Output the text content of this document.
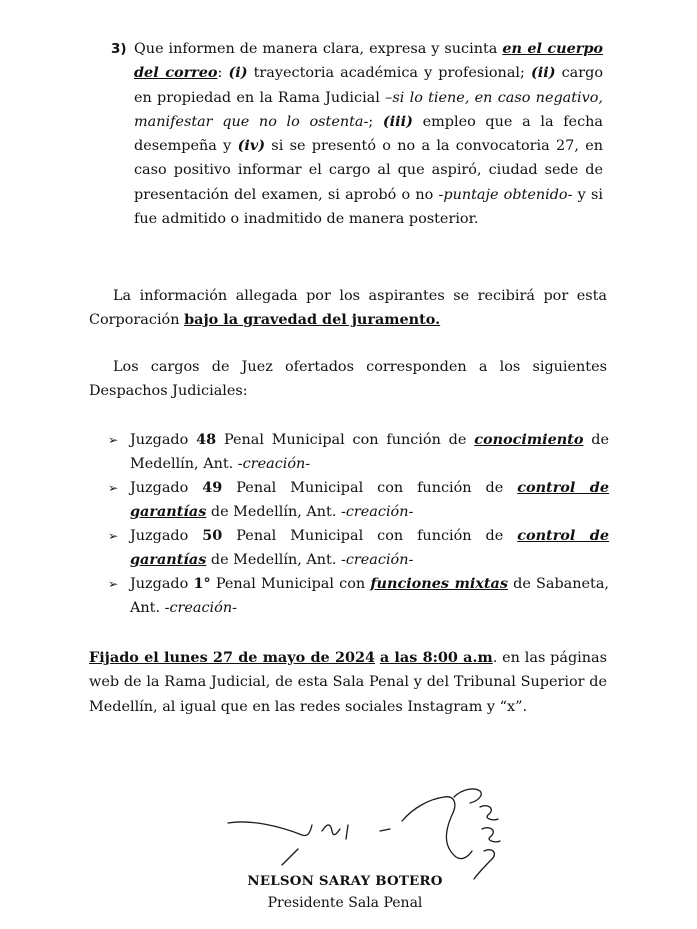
3) Que informen de manera clara, expresa y sucinta en el cuerpo del correo: (i) trayectoria académica y profesional; (ii) cargo en propiedad en la Rama Judicial –si lo tiene, en caso negativo, manifestar que no lo ostenta-; (iii) empleo que a la fecha desempeña y (iv) si se presentó o no a la convocatoria 27, en caso positivo informar el cargo al que aspiró, ciudad sede de presentación del examen, si aprobó o no -puntaje obtenido- y si fue admitido o inadmitido de manera posterior.

La información allegada por los aspirantes se recibirá por esta Corporación bajo la gravedad del juramento.

Los cargos de Juez ofertados corresponden a los siguientes Despachos Judiciales:

➢ Juzgado 48 Penal Municipal con función de conocimiento de Medellín, Ant. -creación-
➢ Juzgado 49 Penal Municipal con función de control de garantías de Medellín, Ant. -creación-
➢ Juzgado 50 Penal Municipal con función de control de garantías de Medellín, Ant. -creación-
➢ Juzgado 1° Penal Municipal con funciones mixtas de Sabaneta, Ant. -creación-

Fijado el lunes 27 de mayo de 2024 a las 8:00 a.m. en las páginas web de la Rama Judicial, de esta Sala Penal y del Tribunal Superior de Medellín, al igual que en las redes sociales Instagram y “x”.

NELSON SARAY BOTERO
Presidente Sala Penal
